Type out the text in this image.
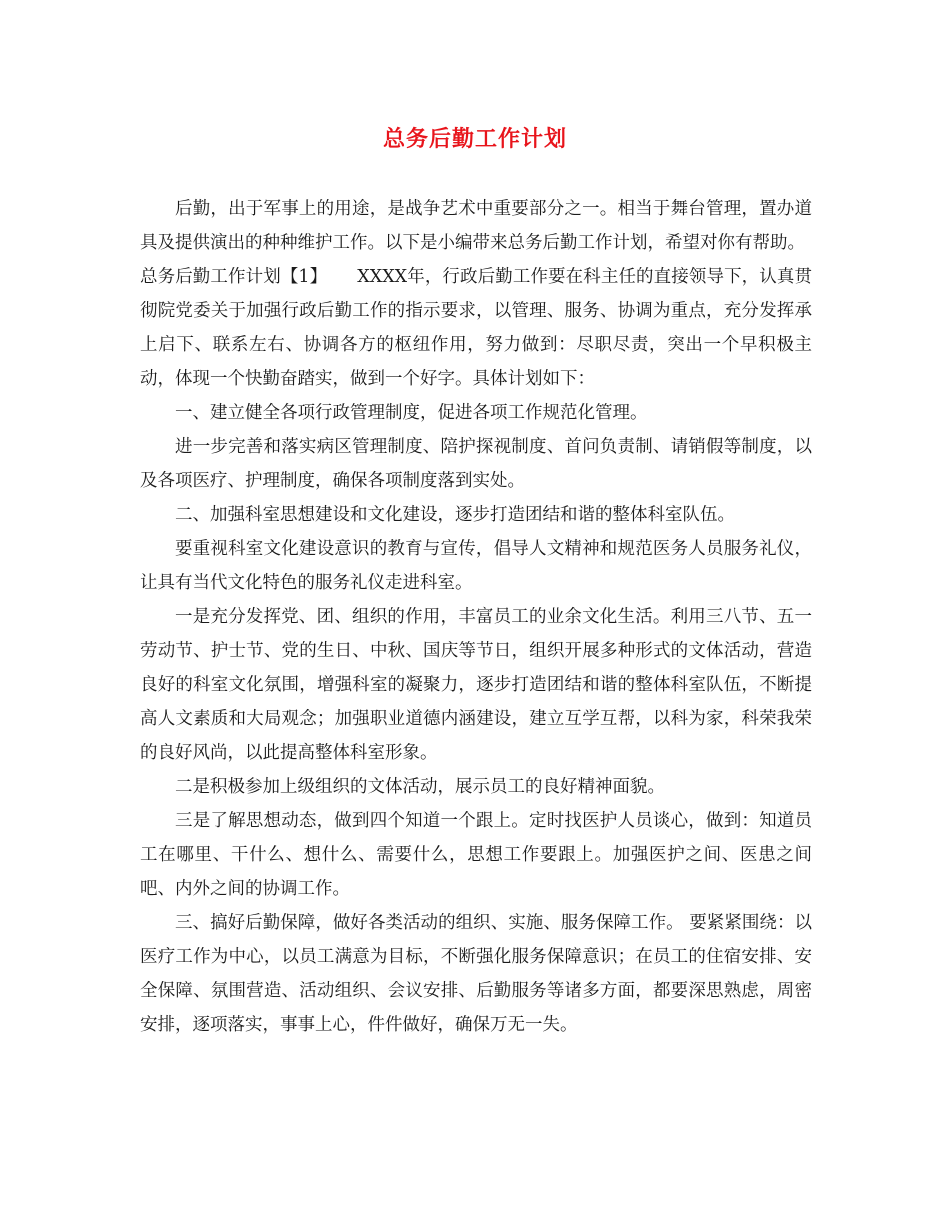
总务后勤工作计划

后勤，出于军事上的用途，是战争艺术中重要部分之一。相当于舞台管理，置办道具及提供演出的种种维护工作。以下是小编带来总务后勤工作计划，希望对你有帮助。

总务后勤工作计划【1】 XXXX年，行政后勤工作要在科主任的直接领导下，认真贯彻院党委关于加强行政后勤工作的指示要求，以管理、服务、协调为重点，充分发挥承上启下、联系左右、协调各方的枢纽作用，努力做到：尽职尽责，突出一个早积极主动，体现一个快勤奋踏实，做到一个好字。具体计划如下：

一、建立健全各项行政管理制度，促进各项工作规范化管理。

进一步完善和落实病区管理制度、陪护探视制度、首问负责制、请销假等制度，以及各项医疗、护理制度，确保各项制度落到实处。

二、加强科室思想建设和文化建设，逐步打造团结和谐的整体科室队伍。

要重视科室文化建设意识的教育与宣传，倡导人文精神和规范医务人员服务礼仪，让具有当代文化特色的服务礼仪走进科室。

一是充分发挥党、团、组织的作用，丰富员工的业余文化生活。利用三八节、五一劳动节、护士节、党的生日、中秋、国庆等节日，组织开展多种形式的文体活动，营造良好的科室文化氛围，增强科室的凝聚力，逐步打造团结和谐的整体科室队伍，不断提高人文素质和大局观念；加强职业道德内涵建设，建立互学互帮，以科为家，科荣我荣的良好风尚，以此提高整体科室形象。

二是积极参加上级组织的文体活动，展示员工的良好精神面貌。

三是了解思想动态，做到四个知道一个跟上。定时找医护人员谈心，做到：知道员工在哪里、干什么、想什么、需要什么，思想工作要跟上。加强医护之间、医患之间吧、内外之间的协调工作。

三、搞好后勤保障，做好各类活动的组织、实施、服务保障工作。 要紧紧围绕：以医疗工作为中心，以员工满意为目标，不断强化服务保障意识；在员工的住宿安排、安全保障、氛围营造、活动组织、会议安排、后勤服务等诸多方面，都要深思熟虑，周密安排，逐项落实，事事上心，件件做好，确保万无一失。
